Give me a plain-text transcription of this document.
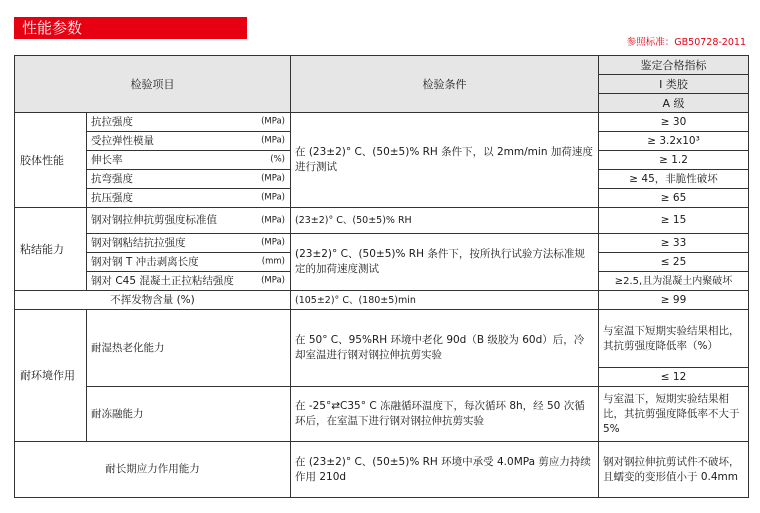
性能参数
参照标准：GB50728-2011
检验项目		检验条件	鉴定合格指标
			I 类胶
			A 级
胶体性能	抗拉强度 (MPa)	在 (23±2)° C、(50±5)% RH 条件下，以 2mm/min 加荷速度进行测试	≥ 30
	受拉弹性模量 (MPa)		≥ 3.2x10³
	伸长率 (%)		≥ 1.2
	抗弯强度 (MPa)		≥ 45，非脆性破坏
	抗压强度 (MPa)		≥ 65
粘结能力	钢对钢拉伸抗剪强度标准值 (MPa)	(23±2)° C、(50±5)% RH	≥ 15
	钢对钢粘结抗拉强度 (MPa)	(23±2)° C、(50±5)% RH 条件下，按所执行试验方法标准规定的加荷速度测试	≥ 33
	钢对钢 T 冲击剥离长度 (mm)		≤ 25
	钢对 C45 混凝土正拉粘结强度 (MPa)		≥2.5,且为混凝土内聚破坏
不挥发物含量 (%)		(105±2)° C、(180±5)min	≥ 99
耐环境作用	耐湿热老化能力	在 50° C、95%RH 环境中老化 90d（B 级胶为 60d）后，冷却室温进行钢对钢拉伸抗剪实验	与室温下短期实验结果相比，其抗剪强度降低率（%）
			≤ 12
	耐冻融能力	在 -25°⇄C35° C 冻融循环温度下，每次循环 8h，经 50 次循环后，在室温下进行钢对钢拉伸抗剪实验	与室温下，短期实验结果相比，其抗剪强度降低率不大于 5%
耐长期应力作用能力		在 (23±2)° C、(50±5)% RH 环境中承受 4.0MPa 剪应力持续作用 210d	钢对钢拉伸抗剪试件不破坏，且蠕变的变形值小于 0.4mm
